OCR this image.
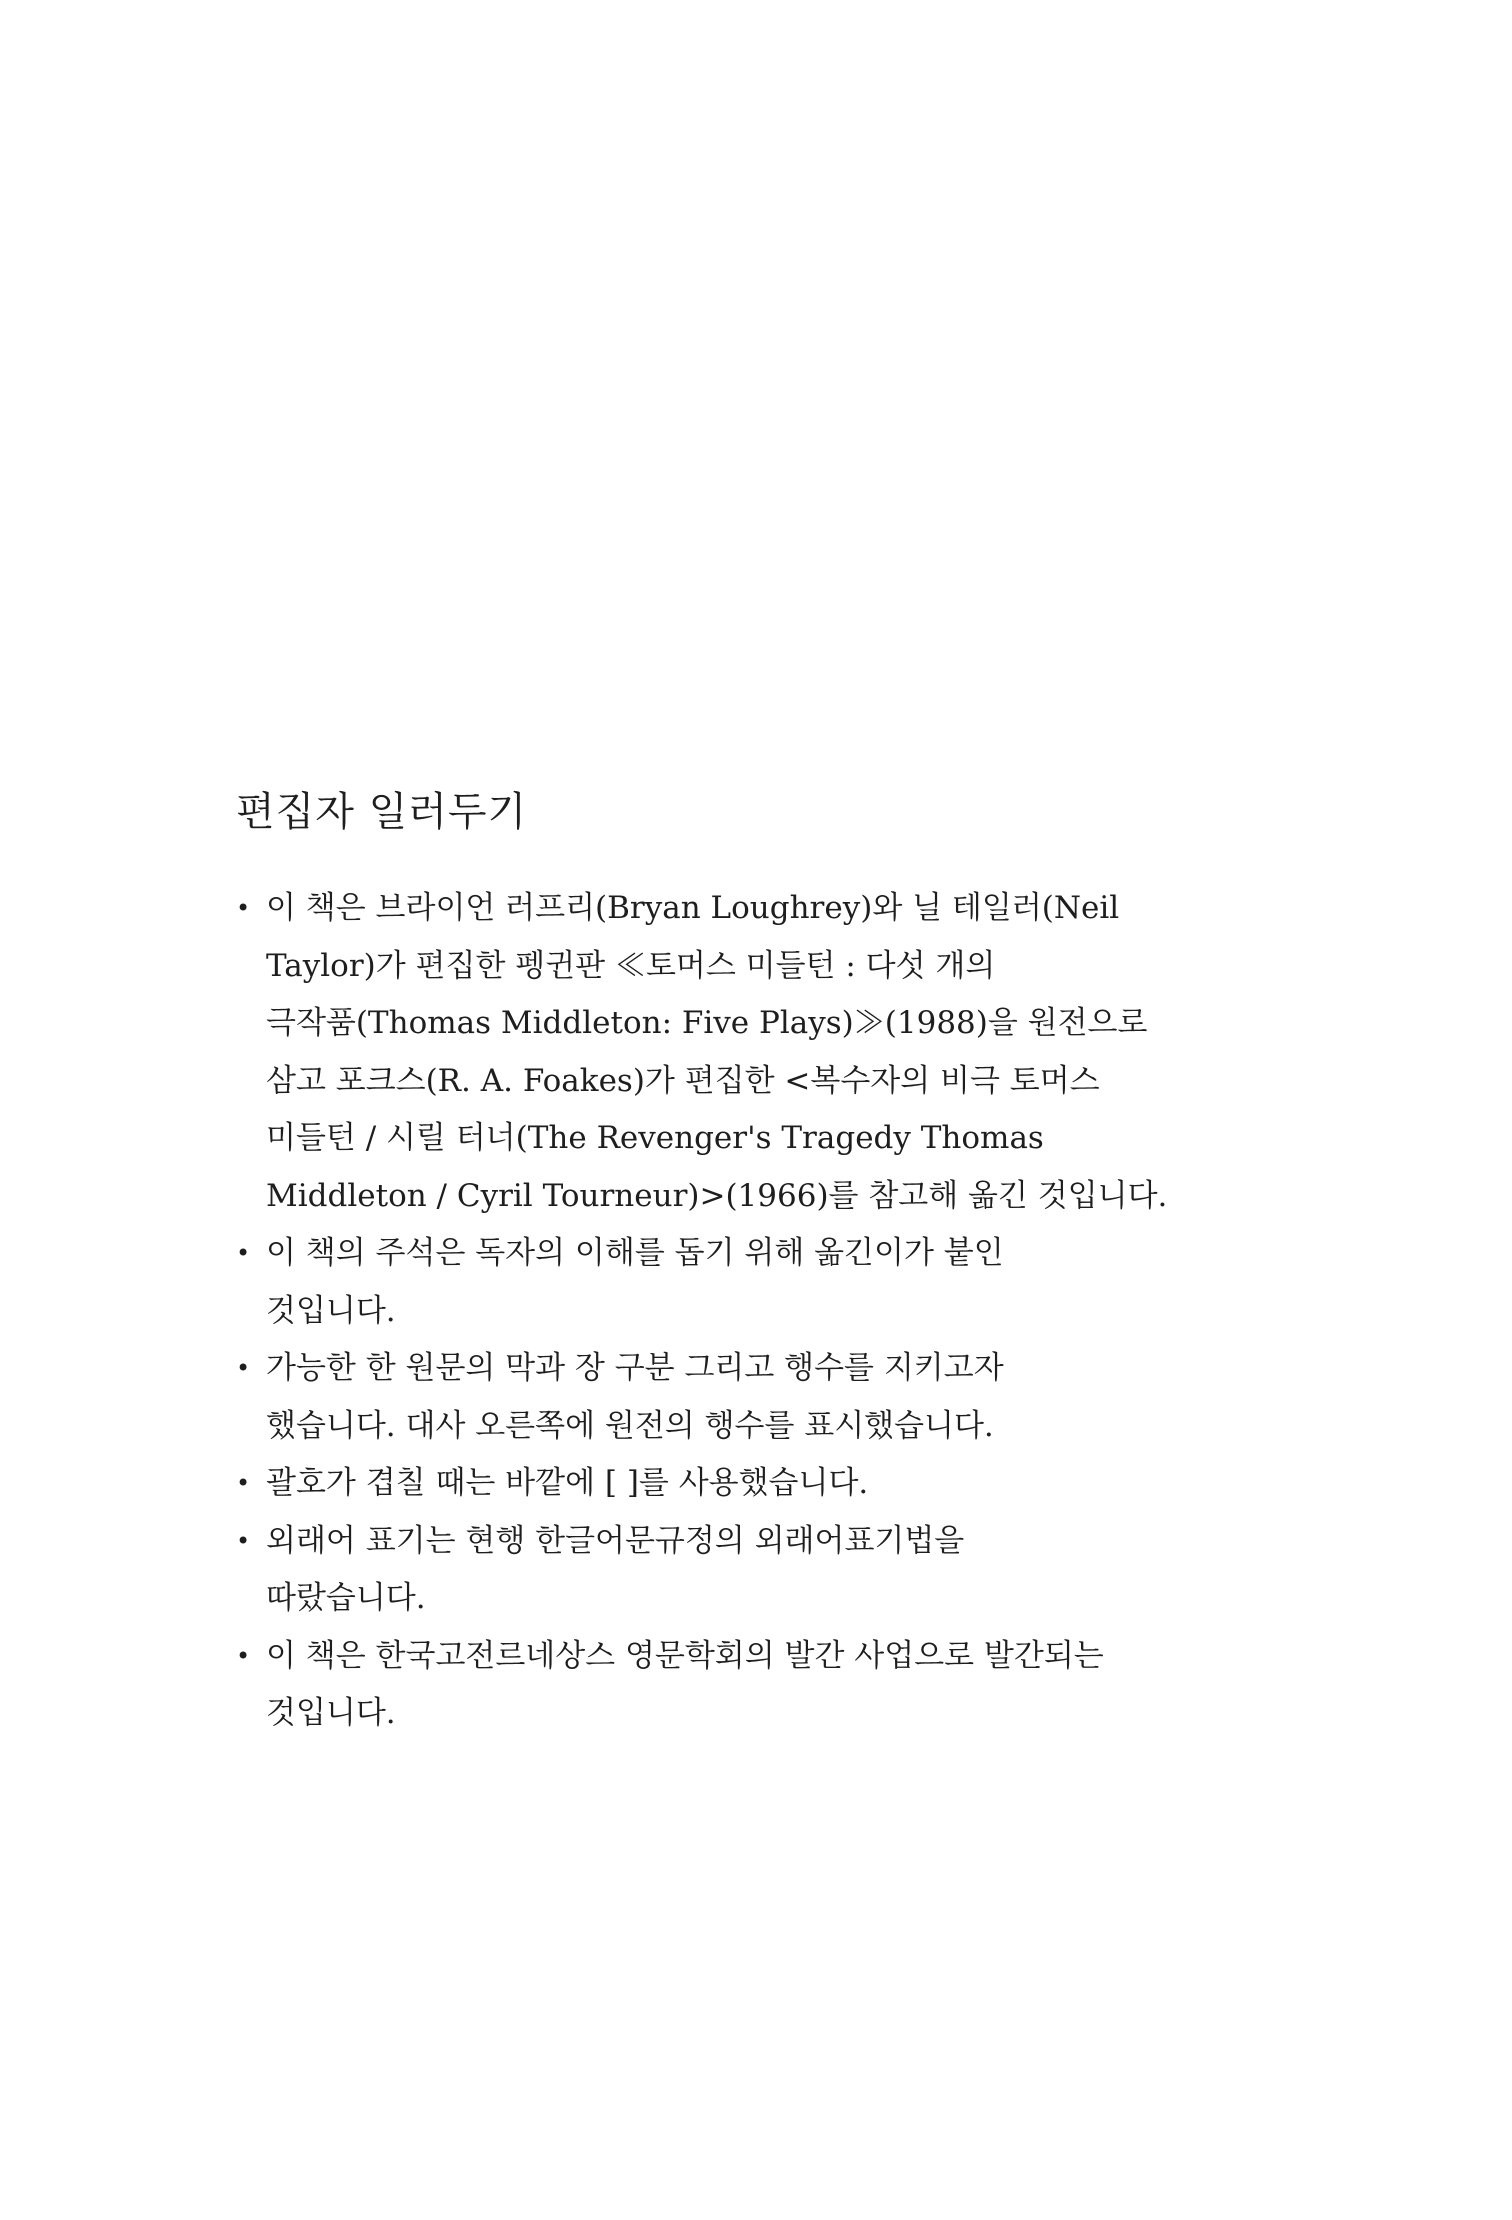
편집자 일러두기
• 이 책은 브라이언 러프리(Bryan Loughrey)와 닐 테일러(Neil
Taylor)가 편집한 펭귄판 ≪토머스 미들턴 : 다섯 개의
극작품(Thomas Middleton: Five Plays)≫(1988)을 원전으로
삼고 포크스(R. A. Foakes)가 편집한 <복수자의 비극 토머스
미들턴 / 시릴 터너(The Revenger's Tragedy Thomas
Middleton / Cyril Tourneur)>(1966)를 참고해 옮긴 것입니다.
• 이 책의 주석은 독자의 이해를 돕기 위해 옮긴이가 붙인
것입니다.
• 가능한 한 원문의 막과 장 구분 그리고 행수를 지키고자
했습니다. 대사 오른쪽에 원전의 행수를 표시했습니다.
• 괄호가 겹칠 때는 바깥에 [ ]를 사용했습니다.
• 외래어 표기는 현행 한글어문규정의 외래어표기법을
따랐습니다.
• 이 책은 한국고전르네상스 영문학회의 발간 사업으로 발간되는
것입니다.
